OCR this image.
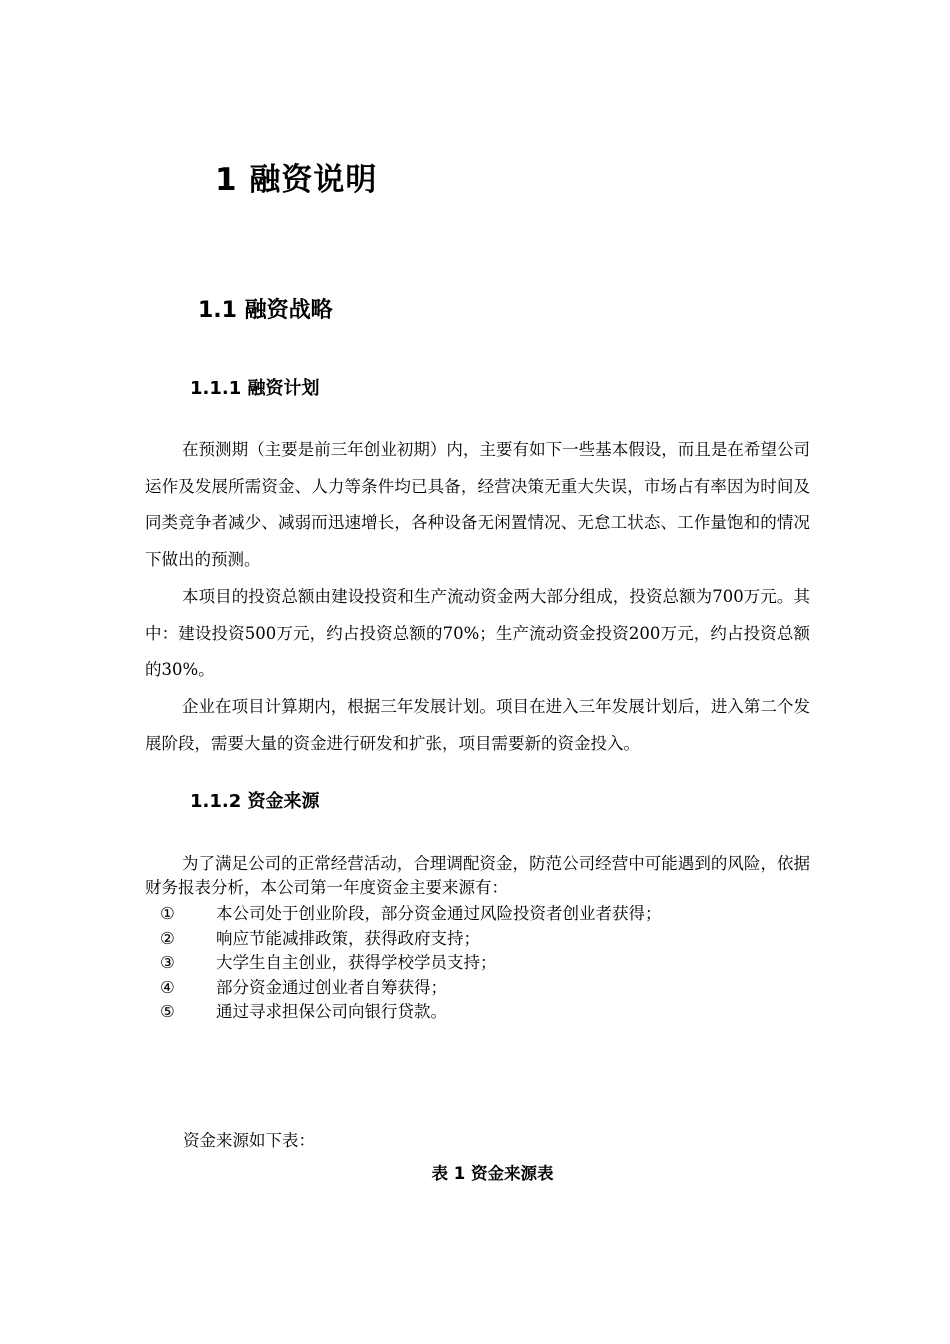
1 融资说明
1.1 融资战略
1.1.1 融资计划

在预测期（主要是前三年创业初期）内，主要有如下一些基本假设，而且是在希望公司运作及发展所需资金、人力等条件均已具备，经营决策无重大失误，市场占有率因为时间及同类竞争者减少、减弱而迅速增长，各种设备无闲置情况、无怠工状态、工作量饱和的情况下做出的预测。

本项目的投资总额由建设投资和生产流动资金两大部分组成，投资总额为700万元。其中：建设投资500万元，约占投资总额的70%；生产流动资金投资200万元，约占投资总额的30%。

企业在项目计算期内，根据三年发展计划。项目在进入三年发展计划后，进入第二个发展阶段，需要大量的资金进行研发和扩张，项目需要新的资金投入。

1.1.2 资金来源

为了满足公司的正常经营活动，合理调配资金，防范公司经营中可能遇到的风险，依据财务报表分析，本公司第一年度资金主要来源有：

①	本公司处于创业阶段，部分资金通过风险投资者创业者获得；
②	响应节能减排政策，获得政府支持；
③	大学生自主创业，获得学校学员支持；
④	部分资金通过创业者自筹获得；
⑤	通过寻求担保公司向银行贷款。
资金来源如下表：
表 1 资金来源表
